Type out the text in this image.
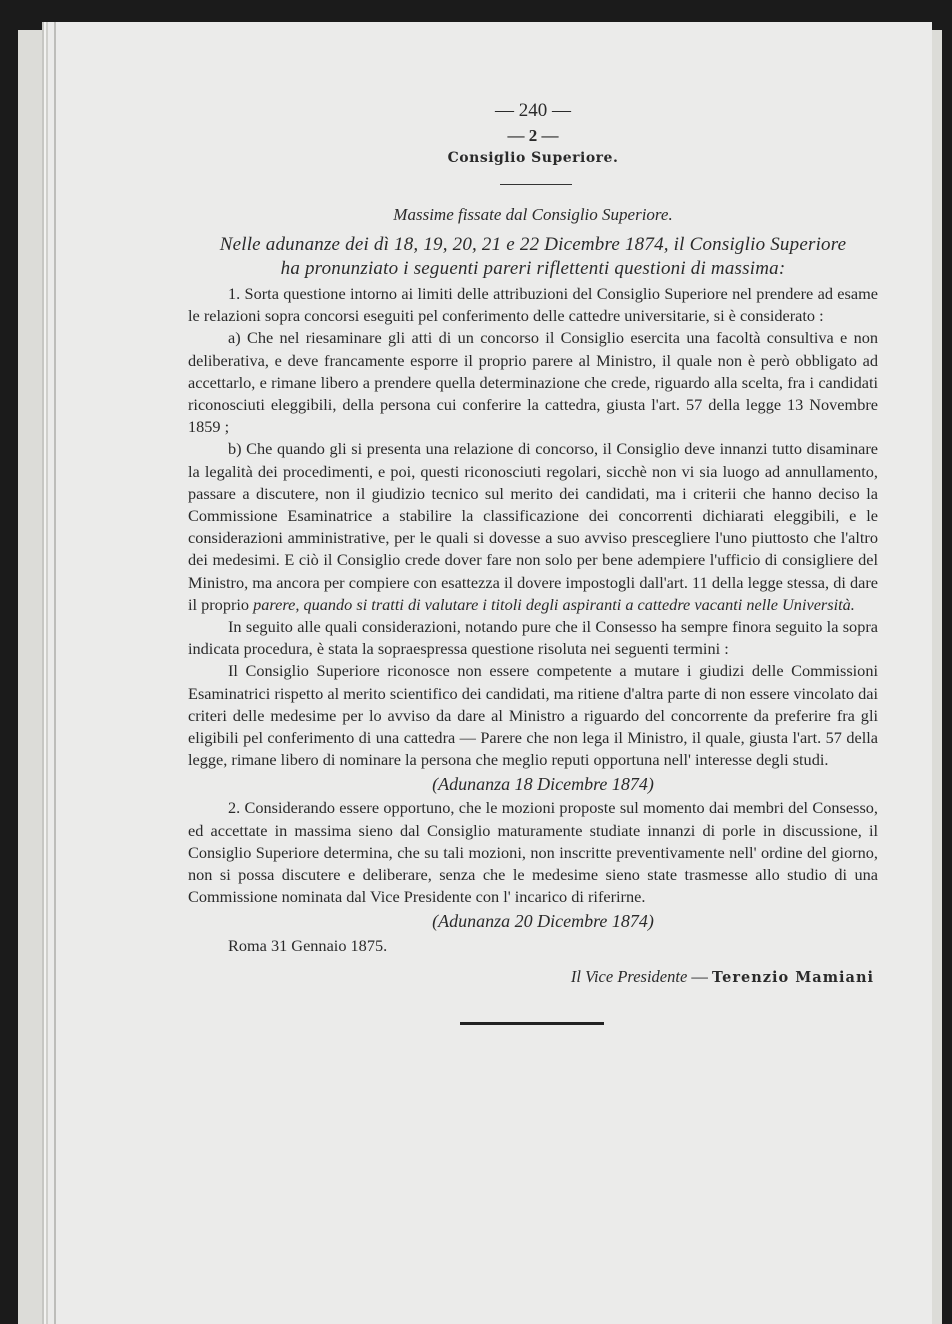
— 240 —
— 2 —
Consiglio Superiore.
Massime fissate dal Consiglio Superiore.
Nelle adunanze dei dì 18, 19, 20, 21 e 22 Dicembre 1874, il Consiglio Superiore
ha pronunziato i seguenti pareri riflettenti questioni di massima:

1. Sorta questione intorno ai limiti delle attribuzioni del Consiglio Superiore nel prendere ad esame le relazioni sopra concorsi eseguiti pel conferimento delle cattedre universitarie, si è considerato :

a) Che nel riesaminare gli atti di un concorso il Consiglio esercita una facoltà consultiva e non deliberativa, e deve francamente esporre il proprio parere al Ministro, il quale non è però obbligato ad accettarlo, e rimane libero a prendere quella determinazione che crede, riguardo alla scelta, fra i candidati riconosciuti eleggibili, della persona cui conferire la cattedra, giusta l'art. 57 della legge 13 Novembre 1859 ;

b) Che quando gli si presenta una relazione di concorso, il Consiglio deve innanzi tutto disaminare la legalità dei procedimenti, e poi, questi riconosciuti regolari, sicchè non vi sia luogo ad annullamento, passare a discutere, non il giudizio tecnico sul merito dei candidati, ma i criterii che hanno deciso la Commissione Esaminatrice a stabilire la classificazione dei concorrenti dichiarati eleggibili, e le considerazioni amministrative, per le quali si dovesse a suo avviso prescegliere l'uno piuttosto che l'altro dei medesimi. E ciò il Consiglio crede dover fare non solo per bene adempiere l'ufficio di consigliere del Ministro, ma ancora per compiere con esattezza il dovere impostogli dall'art. 11 della legge stessa, di dare il proprio parere, quando si tratti di valutare i titoli degli aspiranti a cattedre vacanti nelle Università.

In seguito alle quali considerazioni, notando pure che il Consesso ha sempre finora seguito la sopra indicata procedura, è stata la sopraespressa questione risoluta nei seguenti termini :

Il Consiglio Superiore riconosce non essere competente a mutare i giudizi delle Commissioni Esaminatrici rispetto al merito scientifico dei candidati, ma ritiene d'altra parte di non essere vincolato dai criteri delle medesime per lo avviso da dare al Ministro a riguardo del concorrente da preferire fra gli eligibili pel conferimento di una cattedra — Parere che non lega il Ministro, il quale, giusta l'art. 57 della legge, rimane libero di nominare la persona che meglio reputi opportuna nell' interesse degli studi.

(Adunanza 18 Dicembre 1874)

2. Considerando essere opportuno, che le mozioni proposte sul momento dai membri del Consesso, ed accettate in massima sieno dal Consiglio maturamente studiate innanzi di porle in discussione, il Consiglio Superiore determina, che su tali mozioni, non inscritte preventivamente nell' ordine del giorno, non si possa discutere e deliberare, senza che le medesime sieno state trasmesse allo studio di una Commissione nominata dal Vice Presidente con l' incarico di riferirne.

(Adunanza 20 Dicembre 1874)
Roma 31 Gennaio 1875.
Il Vice Presidente — Terenzio Mamiani
